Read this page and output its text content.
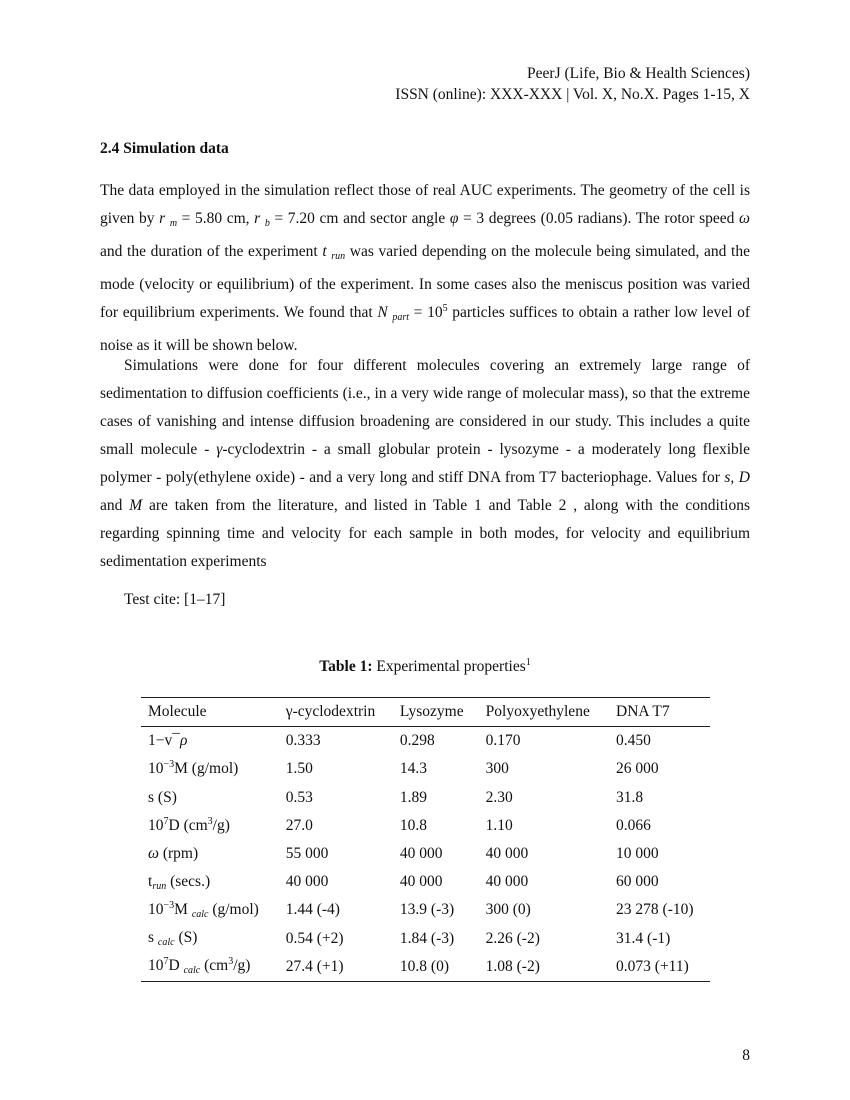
PeerJ (Life, Bio & Health Sciences)
ISSN (online): XXX-XXX | Vol. X, No.X. Pages 1-15, X
2.4 Simulation data

The data employed in the simulation reflect those of real AUC experiments. The geometry of the cell is given by r $_m$ = 5.80 cm, r $_b$ = 7.20 cm and sector angle φ = 3 degrees (0.05 radians). The rotor speed ω and the duration of the experiment t $_{run}$ was varied depending on the molecule being simulated, and the mode (velocity or equilibrium) of the experiment. In some cases also the meniscus position was varied for equilibrium experiments. We found that N $_{part} = 10^5$ particles suffices to obtain a rather low level of noise as it will be shown below.

Simulations were done for four different molecules covering an extremely large range of sedimentation to diffusion coefficients (i.e., in a very wide range of molecular mass), so that the extreme cases of vanishing and intense diffusion broadening are considered in our study. This includes a quite small molecule - γ-cyclodextrin - a small globular protein - lysozyme - a moderately long flexible polymer - poly(ethylene oxide) - and a very long and stiff DNA from T7 bacteriophage. Values for s, D and M are taken from the literature, and listed in Table 1 and Table 2 , along with the conditions regarding spinning time and velocity for each sample in both modes, for velocity and equilibrium sedimentation experiments

Test cite: [1–17]

Table 1: Experimental properties$^1$
Molecule	γ-cyclodextrin	Lysozyme	Polyoxyethylene	DNA T7
1−v¯ρ	0.333	0.298	0.170	0.450
$10^{-3}M$ (g/mol)	1.50	14.3	300	26 000
s (S)	0.53	1.89	2.30	31.8
$10^7D$ $(cm^3/g)$	27.0	10.8	1.10	0.066
ω (rpm)	55 000	40 000	40 000	10 000
$t_{run}$ (secs.)	40 000	40 000	40 000	60 000
$10^{-3}M$ $_{calc}$ (g/mol)	1.44 (-4)	13.9 (-3)	300 (0)	23 278 (-10)
s $_{calc}$ (S)	0.54 (+2)	1.84 (-3)	2.26 (-2)	31.4 (-1)
$10^7D$ $_{calc}$ $(cm^3/g)$	27.4 (+1)	10.8 (0)	1.08 (-2)	0.073 (+11)
8
